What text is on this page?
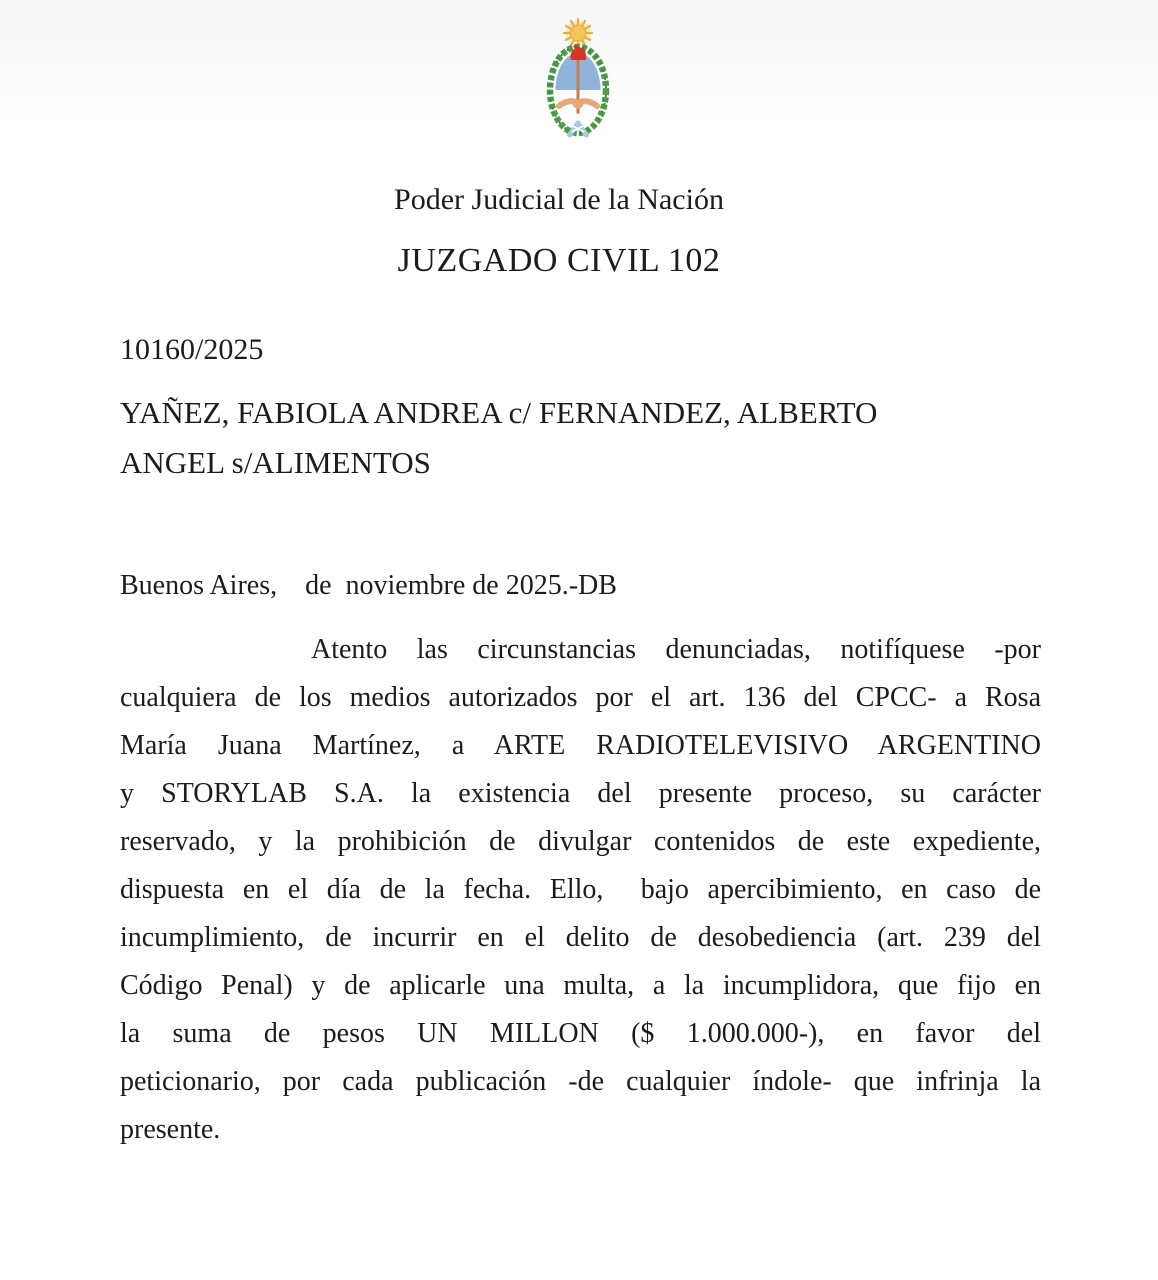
Poder Judicial de la Nación
JUZGADO CIVIL 102
10160/2025
YAÑEZ, FABIOLA ANDREA c/ FERNANDEZ, ALBERTO
ANGEL s/ALIMENTOS
Buenos Aires,    de  noviembre de 2025.-DB
Atento las circunstancias denunciadas, notifíquese -por
cualquiera de los medios autorizados por el art. 136 del CPCC- a Rosa
María Juana Martínez, a ARTE RADIOTELEVISIVO ARGENTINO
y STORYLAB S.A. la existencia del presente proceso, su carácter
reservado, y la prohibición de divulgar contenidos de este expediente,
dispuesta en el día de la fecha. Ello,  bajo apercibimiento, en caso de
incumplimiento, de incurrir en el delito de desobediencia (art. 239 del
Código Penal) y de aplicarle una multa, a la incumplidora, que fijo en
la suma de pesos UN MILLON ($ 1.000.000-), en favor del
peticionario, por cada publicación -de cualquier índole- que infrinja la
presente.
